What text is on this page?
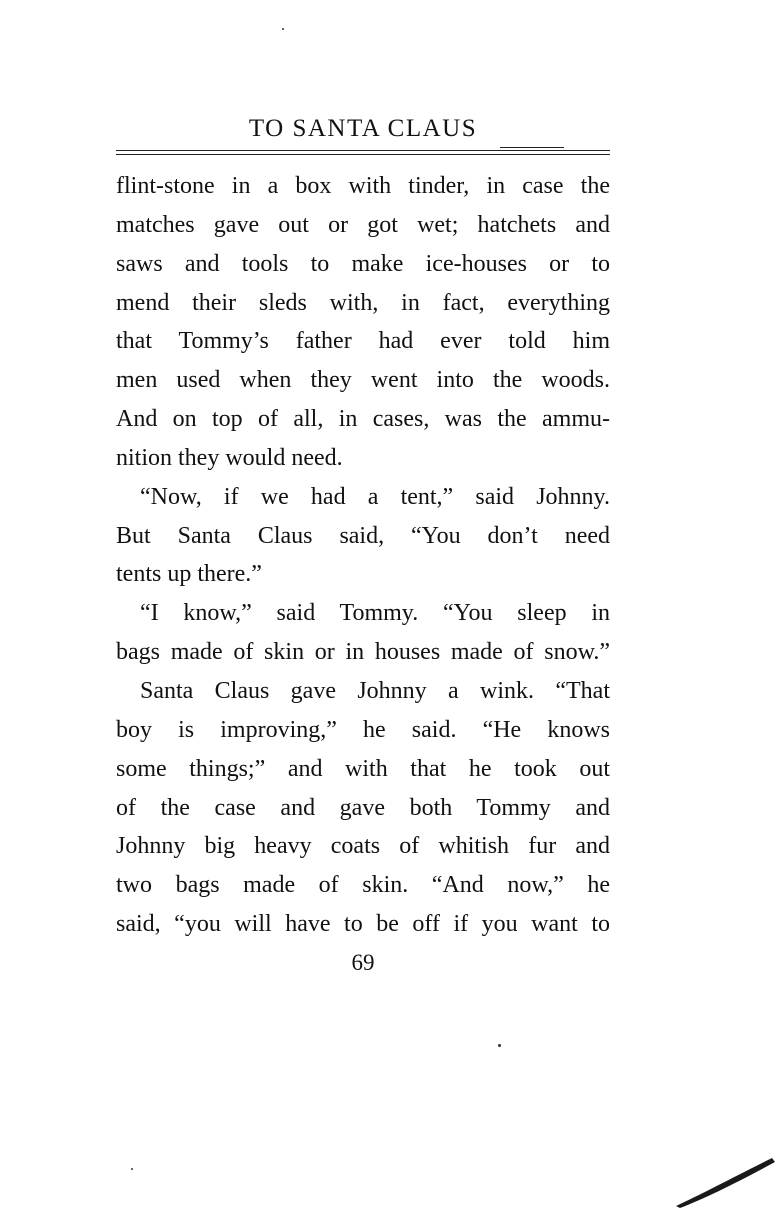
TO SANTA CLAUS
flint-stone in a box with tinder, in case the
matches gave out or got wet; hatchets and
saws and tools to make ice-houses or to
mend their sleds with, in fact, everything
that Tommy’s father had ever told him
men used when they went into the woods.
And on top of all, in cases, was the ammu-
nition they would need.
“Now, if we had a tent,” said Johnny.
But Santa Claus said, “You don’t need
tents up there.”
“I know,” said Tommy. “You sleep in
bags made of skin or in houses made of snow.”
Santa Claus gave Johnny a wink. “That
boy is improving,” he said. “He knows
some things;” and with that he took out
of the case and gave both Tommy and
Johnny big heavy coats of whitish fur and
two bags made of skin. “And now,” he
said, “you will have to be off if you want to
69
